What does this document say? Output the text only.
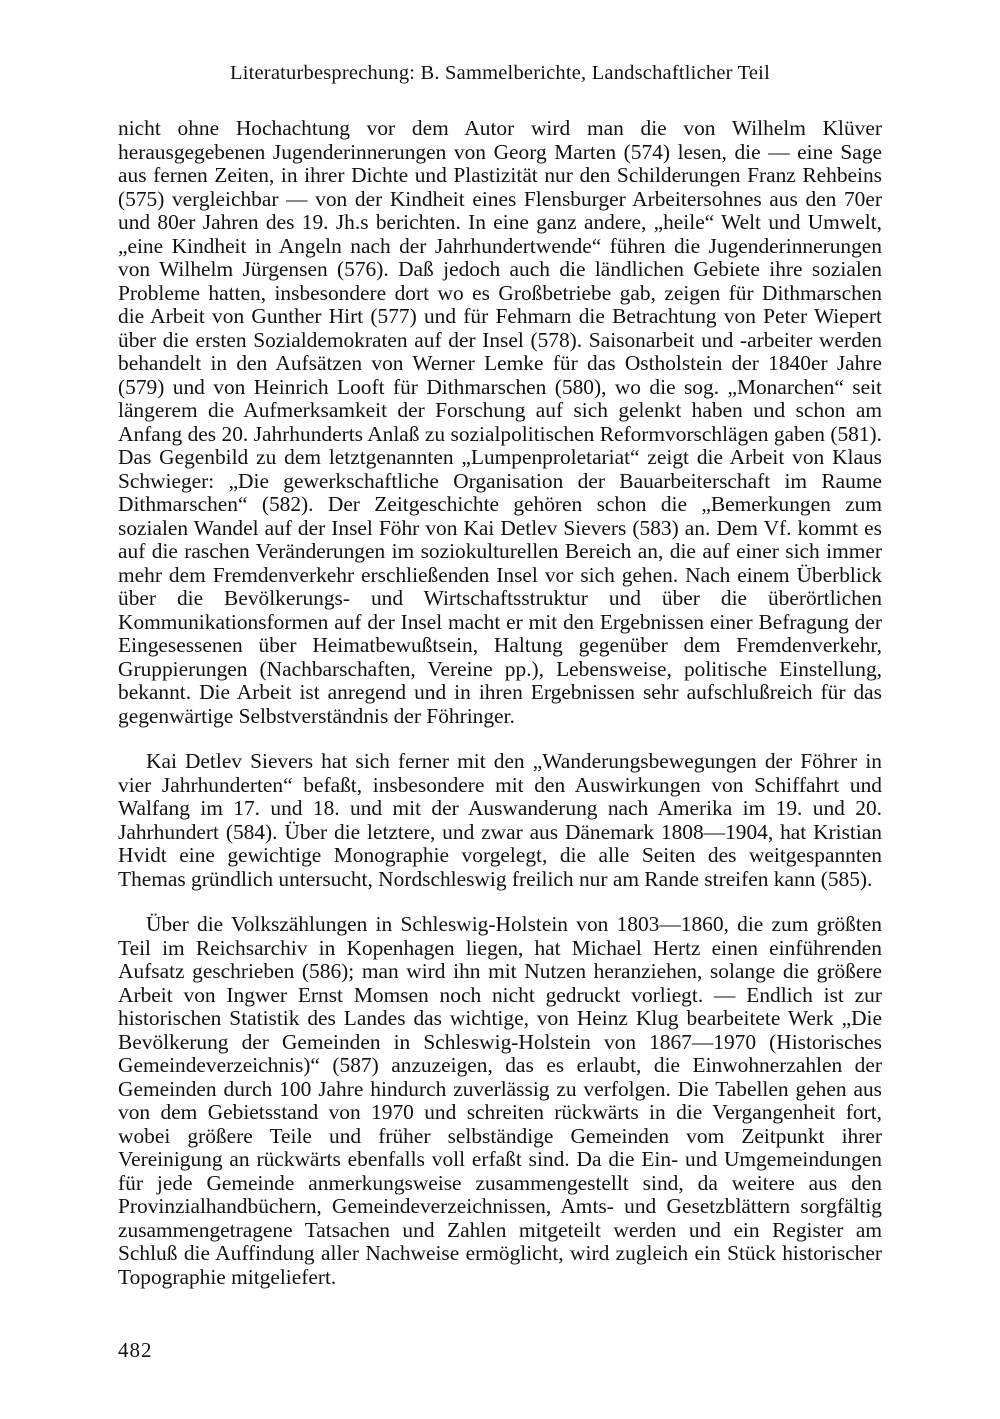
Literaturbesprechung: B. Sammelberichte, Landschaftlicher Teil

nicht ohne Hochachtung vor dem Autor wird man die von Wilhelm Klüver herausgegebenen Jugenderinnerungen von Georg Marten (574) lesen, die — eine Sage aus fernen Zeiten, in ihrer Dichte und Plastizität nur den Schilderungen Franz Rehbeins (575) vergleichbar — von der Kindheit eines Flensburger Arbeitersohnes aus den 70er und 80er Jahren des 19. Jh.s berichten. In eine ganz andere, „heile“ Welt und Umwelt, „eine Kindheit in Angeln nach der Jahrhundertwende“ führen die Jugenderinnerungen von Wilhelm Jürgensen (576). Daß jedoch auch die ländlichen Gebiete ihre sozialen Probleme hatten, insbesondere dort wo es Großbetriebe gab, zeigen für Dithmarschen die Arbeit von Gunther Hirt (577) und für Fehmarn die Betrachtung von Peter Wiepert über die ersten Sozialdemokraten auf der Insel (578). Saisonarbeit und -arbeiter werden behandelt in den Aufsätzen von Werner Lemke für das Ostholstein der 1840er Jahre (579) und von Heinrich Looft für Dithmarschen (580), wo die sog. „Monarchen“ seit längerem die Aufmerksamkeit der Forschung auf sich gelenkt haben und schon am Anfang des 20. Jahrhunderts Anlaß zu sozialpolitischen Reformvorschlägen gaben (581). Das Gegenbild zu dem letztgenannten „Lumpenproletariat“ zeigt die Arbeit von Klaus Schwieger: „Die gewerkschaftliche Organisation der Bauarbeiterschaft im Raume Dithmarschen“ (582). Der Zeitgeschichte gehören schon die „Bemerkungen zum sozialen Wandel auf der Insel Föhr von Kai Detlev Sievers (583) an. Dem Vf. kommt es auf die raschen Veränderungen im soziokulturellen Bereich an, die auf einer sich immer mehr dem Fremdenverkehr erschließenden Insel vor sich gehen. Nach einem Überblick über die Bevölkerungs- und Wirtschaftsstruktur und über die überörtlichen Kommunikationsformen auf der Insel macht er mit den Ergebnissen einer Befragung der Eingesessenen über Heimatbewußtsein, Haltung gegenüber dem Fremdenverkehr, Gruppierungen (Nachbarschaften, Vereine pp.), Lebensweise, politische Einstellung, bekannt. Die Arbeit ist anregend und in ihren Ergebnissen sehr aufschlußreich für das gegenwärtige Selbstverständnis der Föhringer.

Kai Detlev Sievers hat sich ferner mit den „Wanderungsbewegungen der Föhrer in vier Jahrhunderten“ befaßt, insbesondere mit den Auswirkungen von Schiffahrt und Walfang im 17. und 18. und mit der Auswanderung nach Amerika im 19. und 20. Jahrhundert (584). Über die letztere, und zwar aus Dänemark 1808—1904, hat Kristian Hvidt eine gewichtige Monographie vorgelegt, die alle Seiten des weitgespannten Themas gründlich untersucht, Nordschleswig freilich nur am Rande streifen kann (585).

Über die Volkszählungen in Schleswig-Holstein von 1803—1860, die zum größten Teil im Reichsarchiv in Kopenhagen liegen, hat Michael Hertz einen einführenden Aufsatz geschrieben (586); man wird ihn mit Nutzen heranziehen, solange die größere Arbeit von Ingwer Ernst Momsen noch nicht gedruckt vorliegt. — Endlich ist zur historischen Statistik des Landes das wichtige, von Heinz Klug bearbeitete Werk „Die Bevölkerung der Gemeinden in Schleswig-Holstein von 1867—1970 (Historisches Gemeindeverzeichnis)“ (587) anzuzeigen, das es erlaubt, die Einwohnerzahlen der Gemeinden durch 100 Jahre hindurch zuverlässig zu verfolgen. Die Tabellen gehen aus von dem Gebietsstand von 1970 und schreiten rückwärts in die Vergangenheit fort, wobei größere Teile und früher selbständige Gemeinden vom Zeitpunkt ihrer Vereinigung an rückwärts ebenfalls voll erfaßt sind. Da die Ein- und Umgemeindungen für jede Gemeinde anmerkungsweise zusammengestellt sind, da weitere aus den Provinzialhandbüchern, Gemeindeverzeichnissen, Amts- und Gesetzblättern sorgfältig zusammengetragene Tatsachen und Zahlen mitgeteilt werden und ein Register am Schluß die Auffindung aller Nachweise ermöglicht, wird zugleich ein Stück historischer Topographie mitgeliefert.

482
